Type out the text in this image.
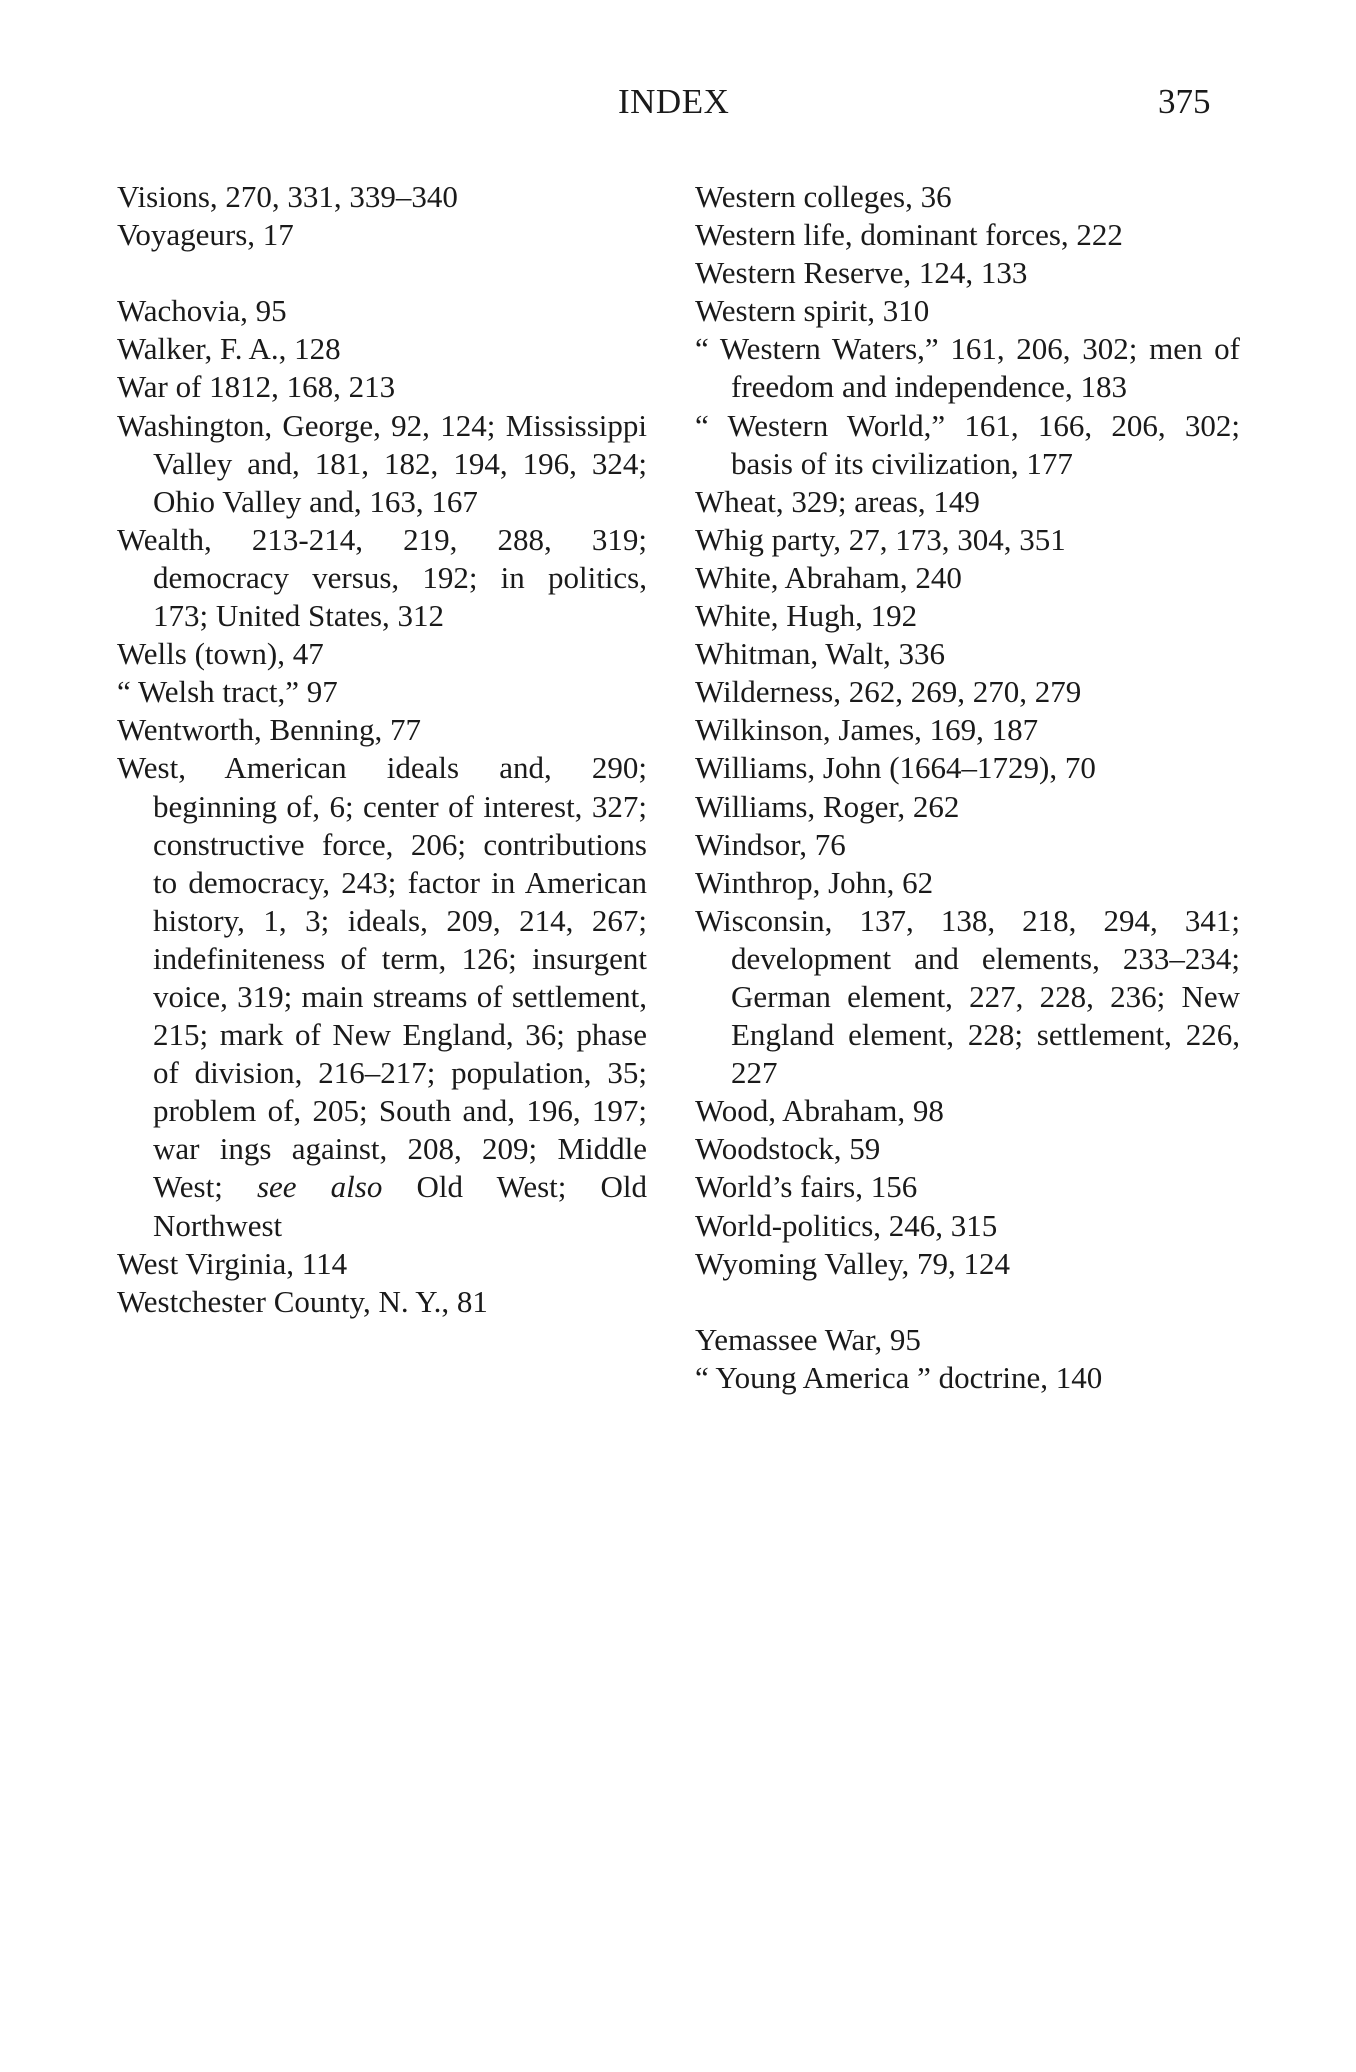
INDEX	375

Visions, 270, 331, 339–340

Voyageurs, 17

Wachovia, 95

Walker, F. A., 128

War of 1812, 168, 213

Washington, George, 92, 124; Mississippi Valley and, 181, 182, 194, 196, 324; Ohio Valley and, 163, 167

Wealth, 213-214, 219, 288, 319; democracy versus, 192; in politics, 173; United States, 312

Wells (town), 47

“ Welsh tract,” 97

Wentworth, Benning, 77

West, American ideals and, 290; beginning of, 6; center of interest, 327; constructive force, 206; contributions to democracy, 243; factor in American history, 1, 3; ideals, 209, 214, 267; indefiniteness of term, 126; insurgent voice, 319; main streams of settlement, 215; mark of New England, 36; phase of division, 216–217; population, 35; problem of, 205; South and, 196, 197; war ings against, 208, 209; Middle West; see also Old West; Old Northwest

West Virginia, 114

Westchester County, N. Y., 81

Western colleges, 36

Western life, dominant forces, 222

Western Reserve, 124, 133

Western spirit, 310

“ Western Waters,” 161, 206, 302; men of freedom and independence, 183

“ Western World,” 161, 166, 206, 302; basis of its civilization, 177

Wheat, 329; areas, 149

Whig party, 27, 173, 304, 351

White, Abraham, 240

White, Hugh, 192

Whitman, Walt, 336

Wilderness, 262, 269, 270, 279

Wilkinson, James, 169, 187

Williams, John (1664–1729), 70

Williams, Roger, 262

Windsor, 76

Winthrop, John, 62

Wisconsin, 137, 138, 218, 294, 341; development and elements, 233–234; German element, 227, 228, 236; New England element, 228; settlement, 226, 227

Wood, Abraham, 98

Woodstock, 59

World’s fairs, 156

World-politics, 246, 315

Wyoming Valley, 79, 124

Yemassee War, 95

“ Young America ” doctrine, 140
